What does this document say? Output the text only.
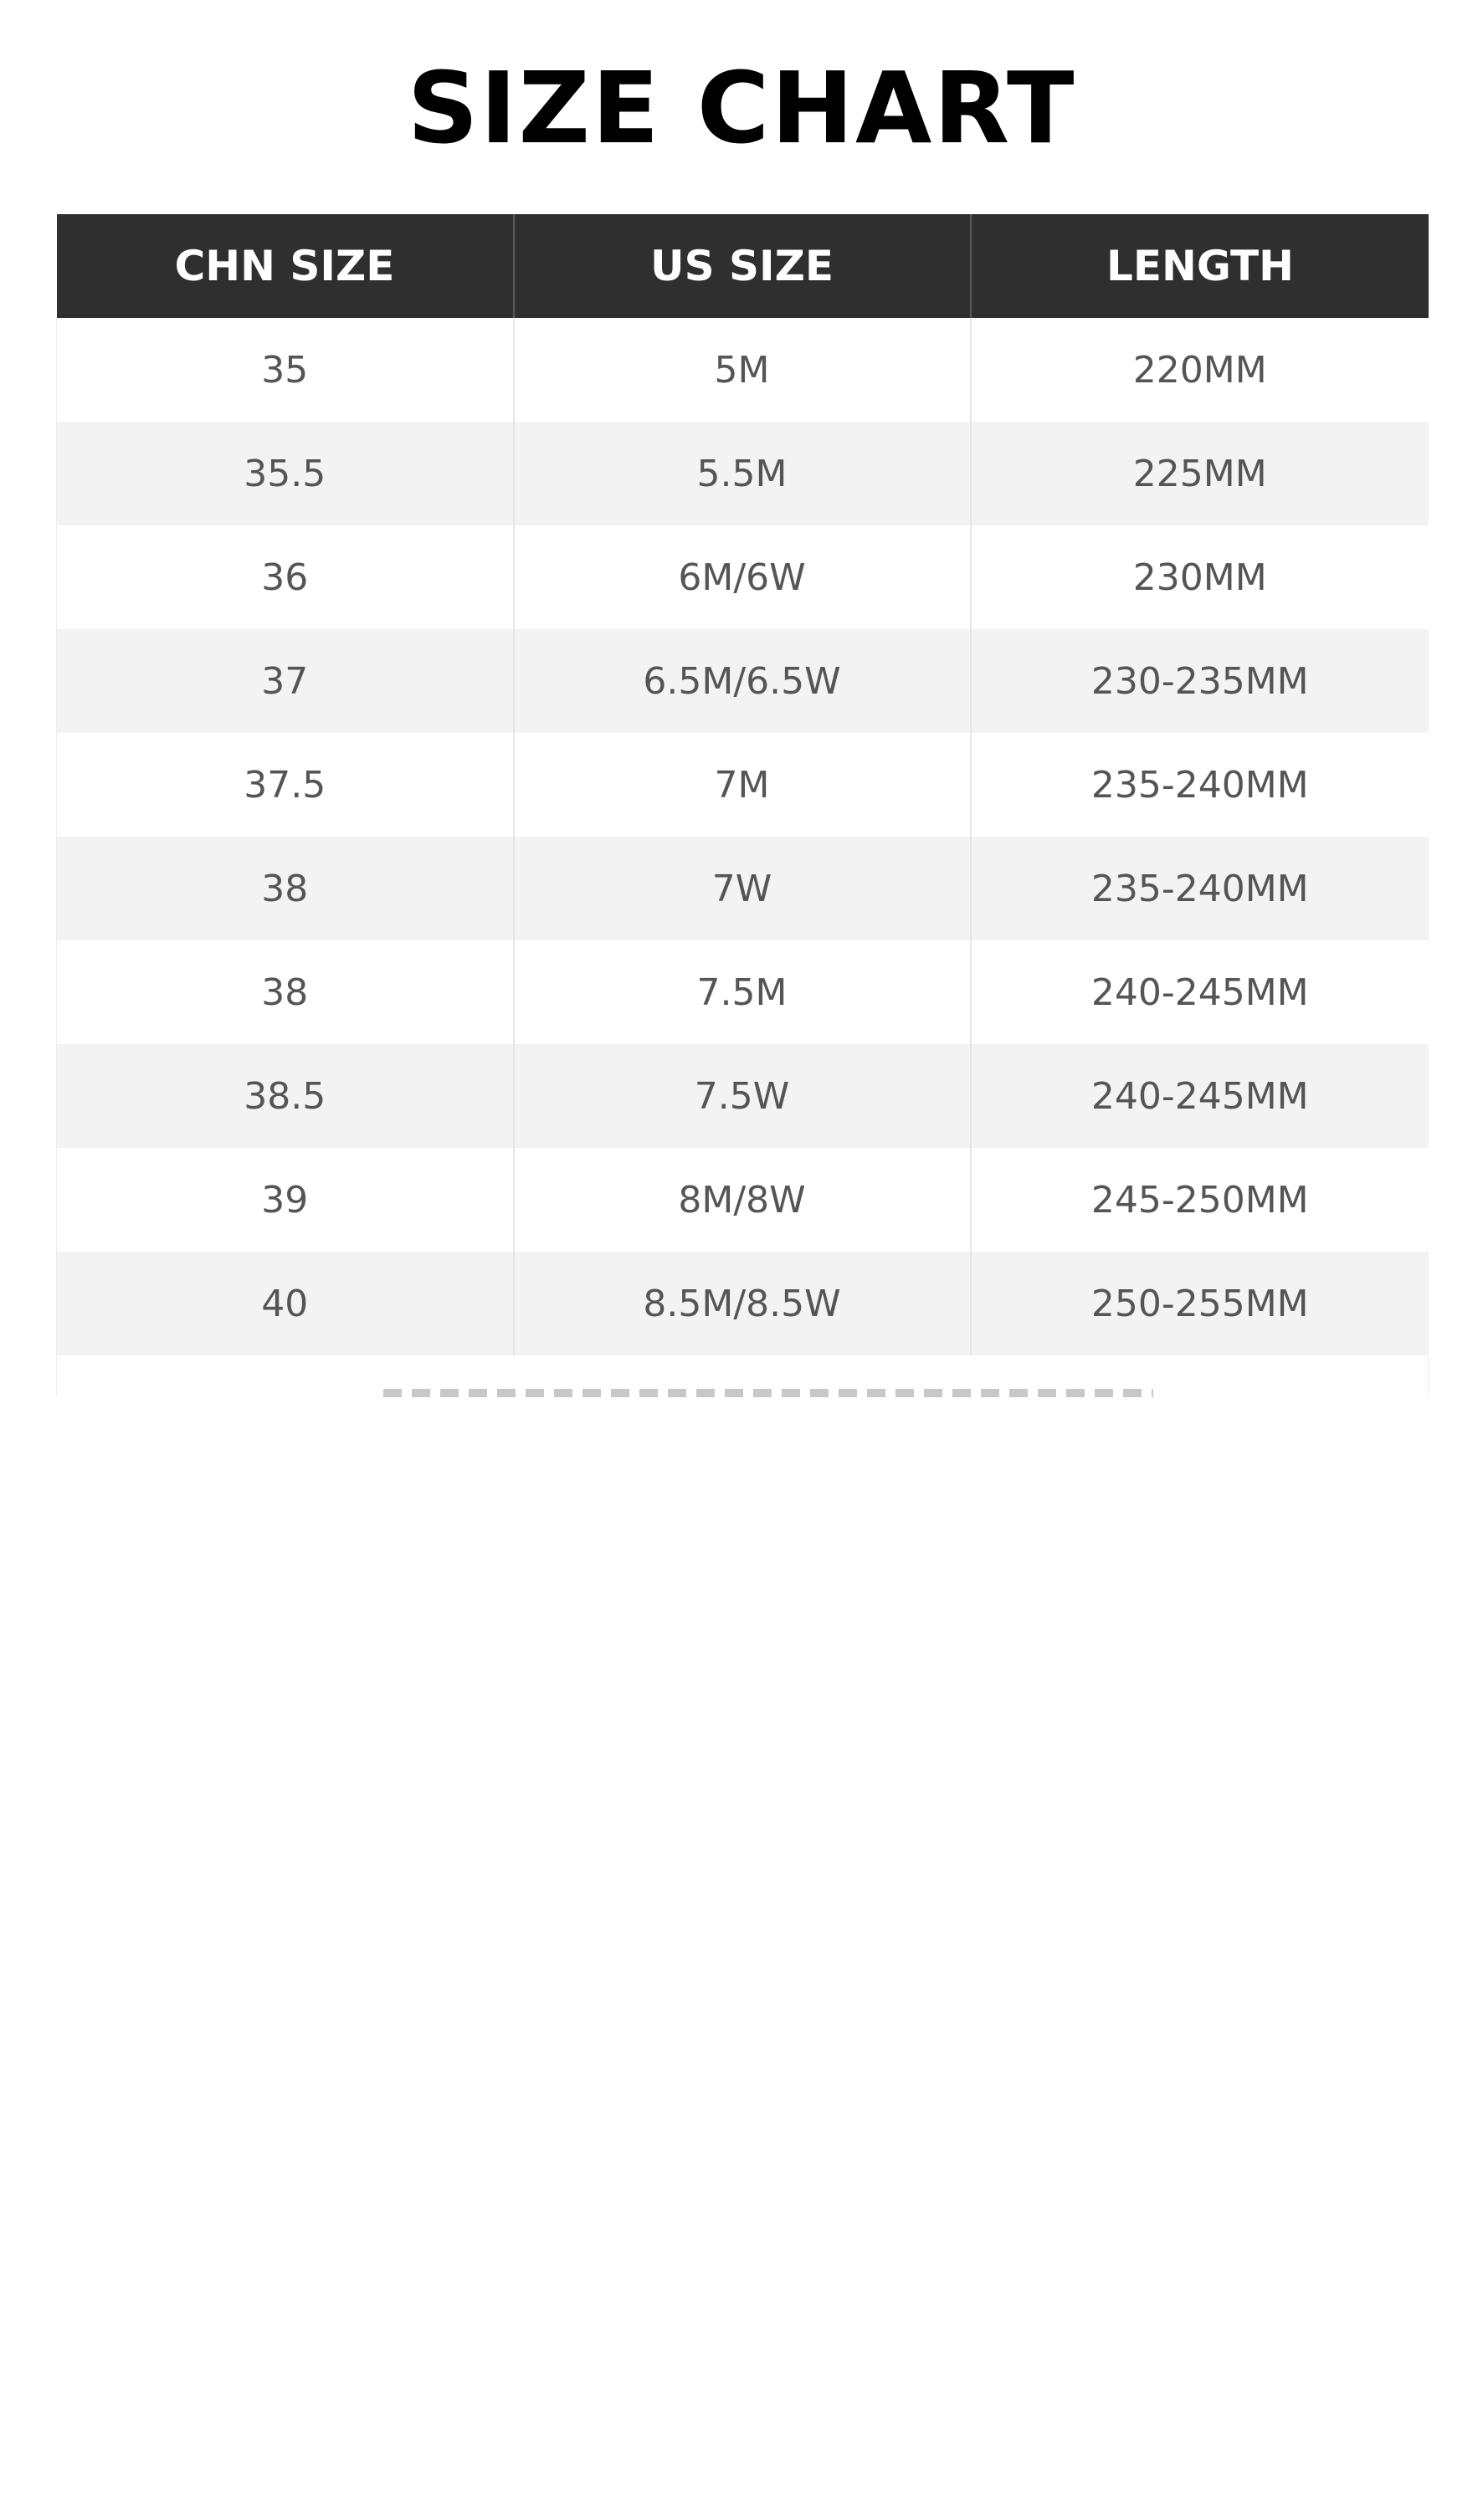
SIZE CHART
CHN SIZE	US SIZE	LENGTH
35	5M	220MM
35.5	5.5M	225MM
36	6M/6W	230MM
37	6.5M/6.5W	230-235MM
37.5	7M	235-240MM
38	7W	235-240MM
38	7.5M	240-245MM
38.5	7.5W	240-245MM
39	8M/8W	245-250MM
40	8.5M/8.5W	250-255MM
